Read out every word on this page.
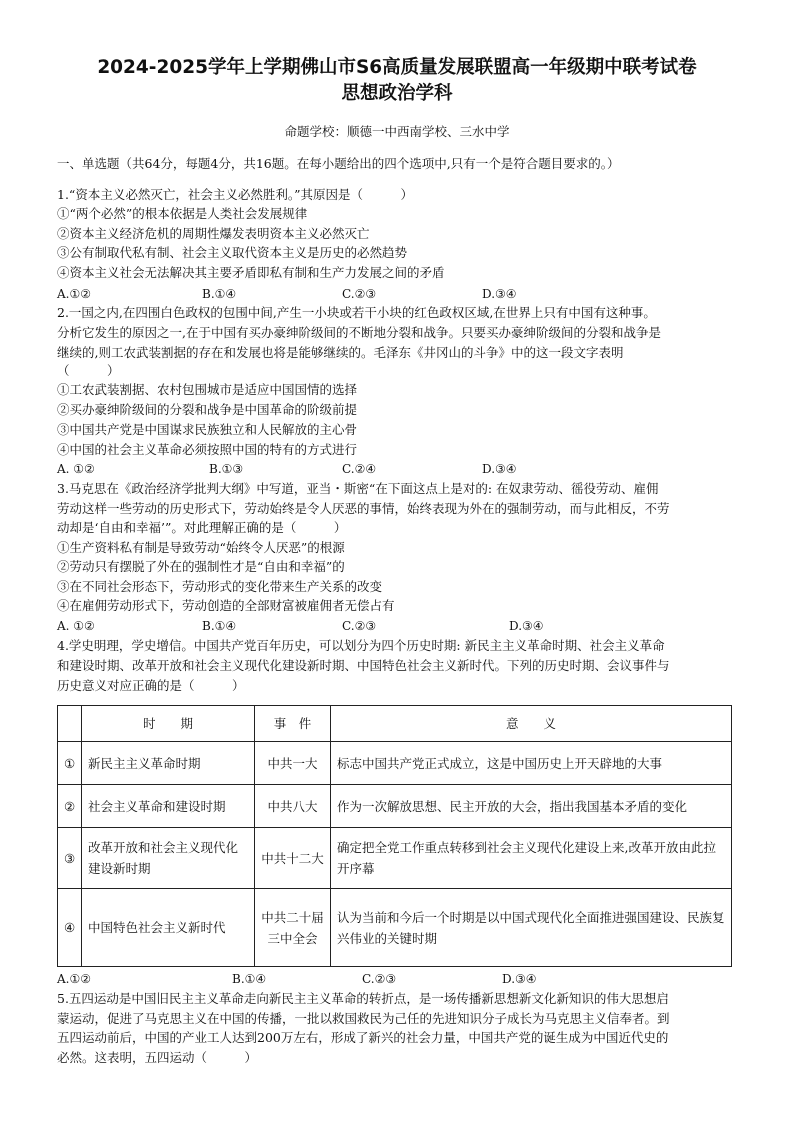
2024-2025学年上学期佛山市S6高质量发展联盟高一年级期中联考试卷
思想政治学科
命题学校：顺德一中西南学校、三水中学
一、单选题（共64分，每题4分，共16题。在每小题给出的四个选项中,只有一个是符合题目要求的。）
1.“资本主义必然灭亡，社会主义必然胜利。”其原因是（　　　）
①“两个必然”的根本依据是人类社会发展规律
②资本主义经济危机的周期性爆发表明资本主义必然灭亡
③公有制取代私有制、社会主义取代资本主义是历史的必然趋势
④资本主义社会无法解决其主要矛盾即私有制和生产力发展之间的矛盾
A.①②	B.①④	C.②③	D.③④
2.一国之内,在四围白色政权的包围中间,产生一小块或若干小块的红色政权区域,在世界上只有中国有这种事。
分析它发生的原因之一,在于中国有买办豪绅阶级间的不断地分裂和战争。只要买办豪绅阶级间的分裂和战争是
继续的,则工农武装割据的存在和发展也将是能够继续的。毛泽东《井冈山的斗争》中的这一段文字表明
（　　　）
①工农武装割据、农村包围城市是适应中国国情的选择
②买办豪绅阶级间的分裂和战争是中国革命的阶级前提
③中国共产党是中国谋求民族独立和人民解放的主心骨
④中国的社会主义革命必须按照中国的特有的方式进行
A. ①②	B.①③	C.②④	D.③④
3.马克思在《政治经济学批判大纲》中写道，亚当・斯密“在下面这点上是对的: 在奴隶劳动、徭役劳动、雇佣
劳动这样一些劳动的历史形式下，劳动始终是令人厌恶的事情，始终表现为外在的强制劳动，而与此相反，不劳
动却是‘自由和幸福’”。对此理解正确的是（　　　）
①生产资料私有制是导致劳动“始终令人厌恶”的根源
②劳动只有摆脱了外在的强制性才是“自由和幸福”的
③在不同社会形态下，劳动形式的变化带来生产关系的改变
④在雇佣劳动形式下，劳动创造的全部财富被雇佣者无偿占有
A. ①②	B.①④	C.②③	D.③④
4.学史明理，学史增信。中国共产党百年历史，可以划分为四个历史时期: 新民主主义革命时期、社会主义革命
和建设时期、改革开放和社会主义现代化建设新时期、中国特色社会主义新时代。下列的历史时期、会议事件与
历史意义对应正确的是（　　　）
	时　　期	事　件	意　　义
①	新民主主义革命时期	中共一大	标志中国共产党正式成立，这是中国历史上开天辟地的大事
②	社会主义革命和建设时期	中共八大	作为一次解放思想、民主开放的大会，指出我国基本矛盾的变化
③	改革开放和社会主义现代化建设新时期	中共十二大	确定把全党工作重点转移到社会主义现代化建设上来,改革开放由此拉开序幕
④	中国特色社会主义新时代	中共二十届三中全会	认为当前和今后一个时期是以中国式现代化全面推进强国建设、民族复兴伟业的关键时期
A.①②	B.①④	C.②③	D.③④
5.五四运动是中国旧民主主义革命走向新民主主义革命的转折点，是一场传播新思想新文化新知识的伟大思想启
蒙运动，促进了马克思主义在中国的传播，一批以救国救民为己任的先进知识分子成长为马克思主义信奉者。到
五四运动前后，中国的产业工人达到200万左右，形成了新兴的社会力量，中国共产党的诞生成为中国近代史的
必然。这表明，五四运动（　　　）
